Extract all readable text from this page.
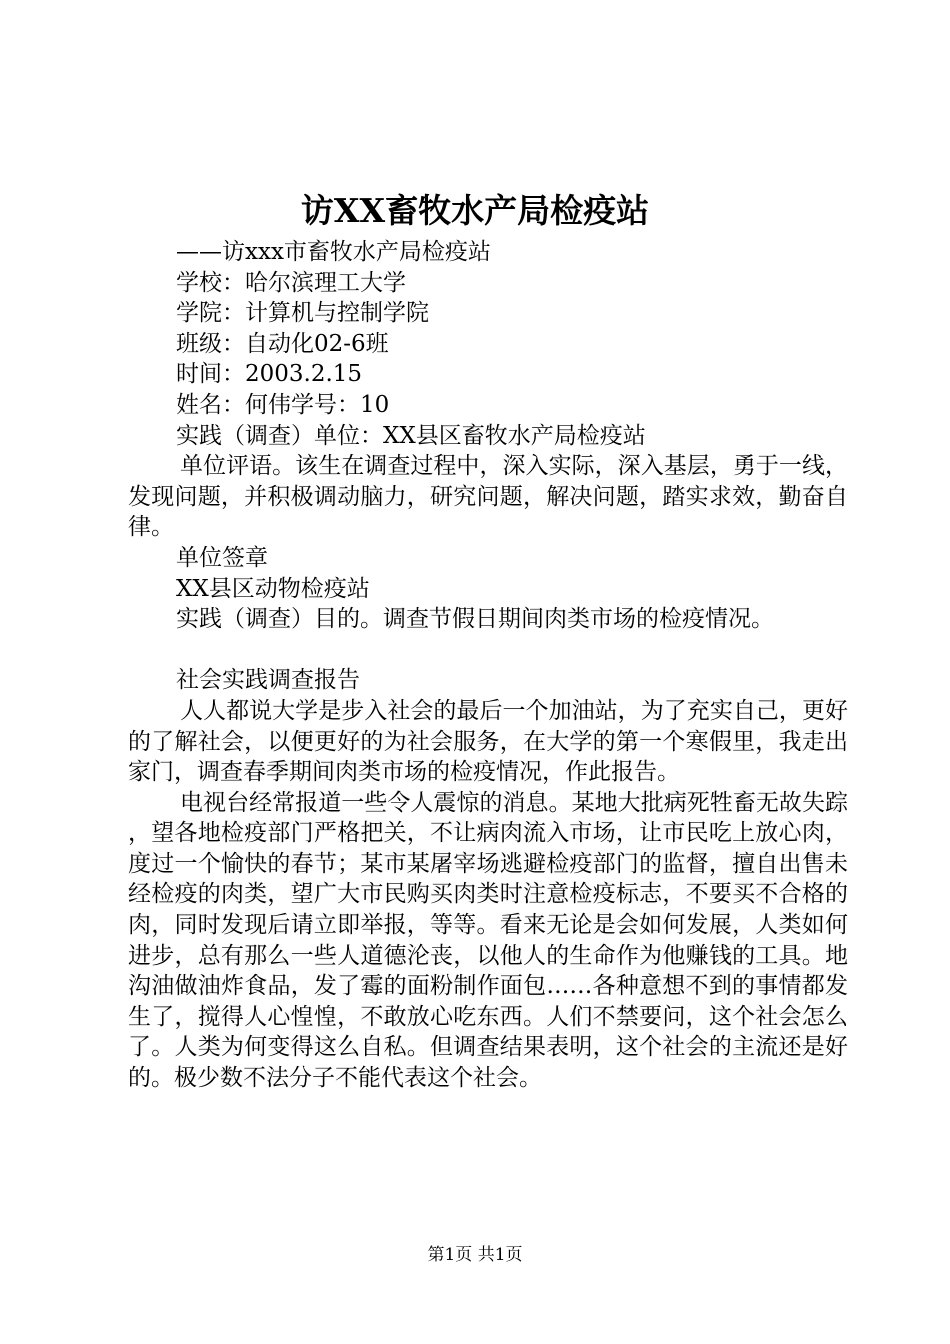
访XX畜牧水产局检疫站

——访xxx市畜牧水产局检疫站

学校：哈尔滨理工大学

学院：计算机与控制学院

班级：自动化02-6班

时间：2003.2.15

姓名：何伟学号：10

实践（调查）单位：XX县区畜牧水产局检疫站

单位评语。该生在调查过程中，深入实际，深入基层，勇于一线，发现问题，并积极调动脑力，研究问题，解决问题，踏实求效，勤奋自律。

单位签章

XX县区动物检疫站

实践（调查）目的。调查节假日期间肉类市场的检疫情况。

社会实践调查报告

人人都说大学是步入社会的最后一个加油站，为了充实自己，更好的了解社会，以便更好的为社会服务，在大学的第一个寒假里，我走出家门，调查春季期间肉类市场的检疫情况，作此报告。

电视台经常报道一些令人震惊的消息。某地大批病死牲畜无故失踪，望各地检疫部门严格把关，不让病肉流入市场，让市民吃上放心肉，度过一个愉快的春节；某市某屠宰场逃避检疫部门的监督，擅自出售未经检疫的肉类，望广大市民购买肉类时注意检疫标志，不要买不合格的肉，同时发现后请立即举报，等等。看来无论是会如何发展，人类如何进步，总有那么一些人道德沦丧，以他人的生命作为他赚钱的工具。地沟油做油炸食品，发了霉的面粉制作面包……各种意想不到的事情都发生了，搅得人心惶惶，不敢放心吃东西。人们不禁要问，这个社会怎么了。人类为何变得这么自私。但调查结果表明，这个社会的主流还是好的。极少数不法分子不能代表这个社会。

第1页 共1页
